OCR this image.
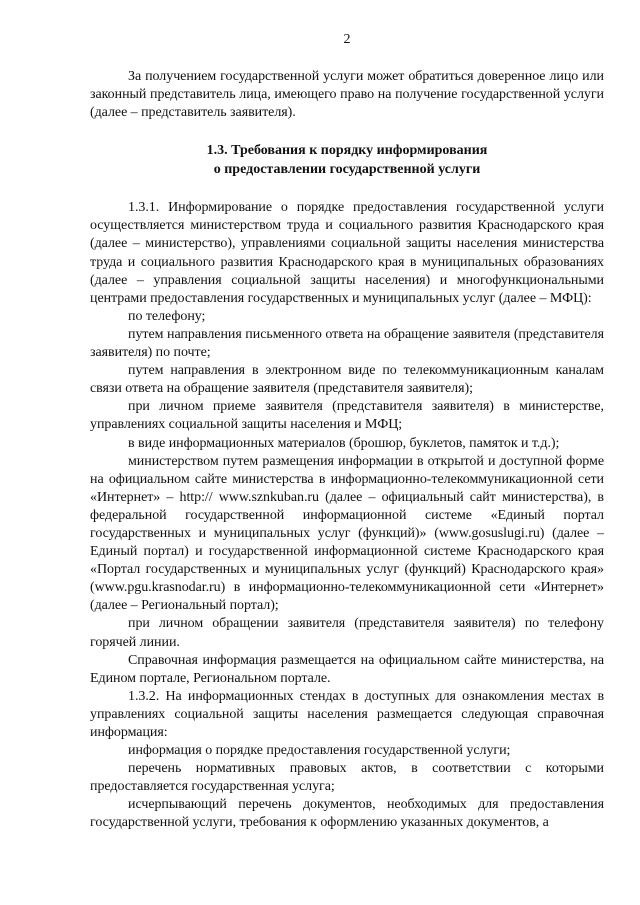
2

За получением государственной услуги может обратиться доверенное лицо или законный представитель лица, имеющего право на получение государственной услуги (далее – представитель заявителя).

1.3. Требования к порядку информирования
о предоставлении государственной услуги

1.3.1. Информирование о порядке предоставления государственной услуги осуществляется министерством труда и социального развития Краснодарского края (далее – министерство), управлениями социальной защиты населения министерства труда и социального развития Краснодарского края в муниципальных образованиях (далее – управления социальной защиты населения) и многофункциональными центрами предоставления государственных и муниципальных услуг (далее – МФЦ):

по телефону;

путем направления письменного ответа на обращение заявителя (представителя заявителя) по почте;

путем направления в электронном виде по телекоммуникационным каналам связи ответа на обращение заявителя (представителя заявителя);

при личном приеме заявителя (представителя заявителя) в министерстве, управлениях социальной защиты населения и МФЦ;

в виде информационных материалов (брошюр, буклетов, памяток и т.д.);

министерством путем размещения информации в открытой и доступной форме на официальном сайте министерства в информационно-телекоммуникационной сети «Интернет» – http:// www.sznkuban.ru (далее – официальный сайт министерства), в федеральной государственной информационной системе «Единый портал государственных и муниципальных услуг (функций)» (www.gosuslugi.ru) (далее – Единый портал) и государственной информационной системе Краснодарского края «Портал государственных и муниципальных услуг (функций) Краснодарского края» (www.pgu.krasnodar.ru) в информационно-телекоммуникационной сети «Интернет» (далее – Региональный портал);

при личном обращении заявителя (представителя заявителя) по телефону горячей линии.

Справочная информация размещается на официальном сайте министерства, на Едином портале, Региональном портале.

1.3.2. На информационных стендах в доступных для ознакомления местах в управлениях социальной защиты населения размещается следующая справочная информация:

информация о порядке предоставления государственной услуги;

перечень нормативных правовых актов, в соответствии с которыми предоставляется государственная услуга;

исчерпывающий перечень документов, необходимых для предоставления государственной услуги, требования к оформлению указанных документов, а
